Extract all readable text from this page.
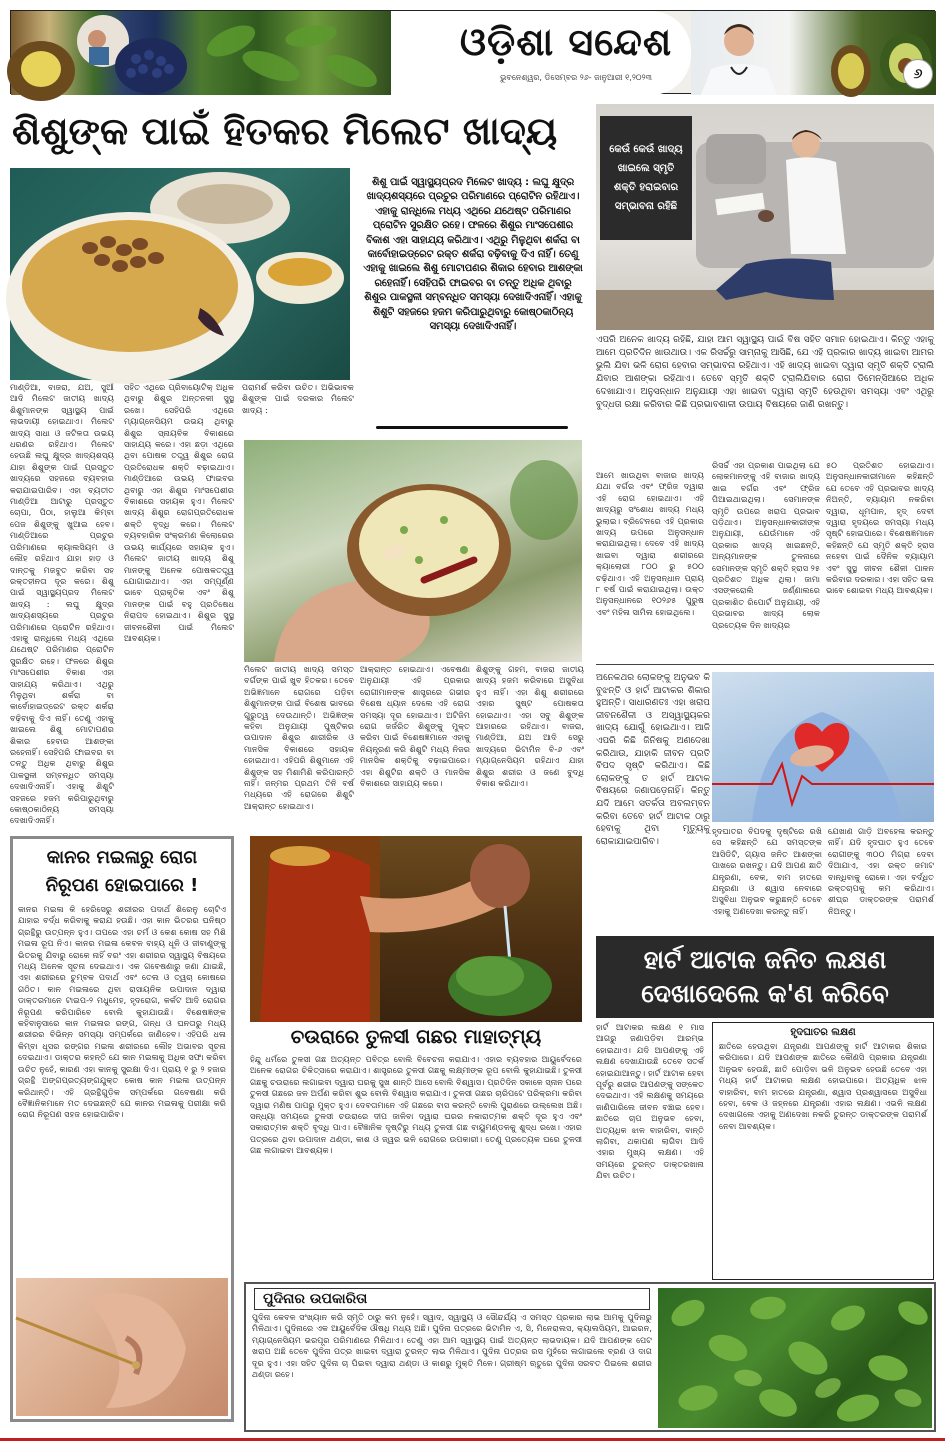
ଓଡ଼ିଶା ସନ୍ଦେଶ
ଭୁବନେଶ୍ୱର, ଡିସେମ୍ବର ୨୬- ଜାନୁଆରୀ ୧,୨୦୨୩	୬
ଶିଶୁଙ୍କ ପାଇଁ ହିତକର ମିଲେଟ ଖାଦ୍ୟ

ଶିଶୁ ପାଇଁ ସ୍ୱାସ୍ଥ୍ୟପ୍ରଦ ମିଲେଟ ଖାଦ୍ୟ : ଲଘୁ କ୍ଷୁଦ୍ର ଖାଦ୍ୟଶସ୍ୟରେ ପ୍ରଚୁର ପରିମାଣରେ ପ୍ରୋଟିନ ରହିଥାଏ। ଏହାକୁ ରାନ୍ଧିଲେ ମଧ୍ୟ ଏଥିରେ ଯଥେଷ୍ଟ ପରିମାଣର ପ୍ରୋଟିନ ସୁରକ୍ଷିତ ରହେ। ଫଳରେ ଶିଶୁର ମାଂସପେଶୀର ବିକାଶ ଏହା ସାହାଯ୍ୟ କରିଥାଏ। ଏଥିରୁ ମିଳୁଥିବା ଶର୍କରା ବା କାର୍ବୋହାଇଡ୍ରେଟ ରକ୍ତ ଶର୍କରା ବଢ଼ିବାକୁ ଦିଏ ନାହିଁ। ତେଣୁ ଏହାକୁ ଖାଇଲେ ଶିଶୁ ମୋଟାପଣର ଶିକାର ହେବାର ଆଶଙ୍କା ରହେନାହିଁ। ସେହିପରି ଫାଇବର ବା ତନ୍ତୁ ଅଧିକ ଥିବାରୁ ଶିଶୁର ପାକସ୍ଥଳୀ ସମ୍ବନ୍ଧିତ ସମସ୍ୟା ଦେଖାଦିଏନାହିଁ। ଏହାକୁ ଶିଶୁଟି ସହଜରେ ହଜମ କରିପାରୁଥିବାରୁ କୋଷ୍ଠକାଠିନ୍ୟ ସମସ୍ୟା ଦେଖାଦିଏନାହିଁ।

ମାଣ୍ଡିଆ, ବାଜରା, ଯଅ, ସୁଆଁ ଆଦି ମିଲେଟ ଜାତୀୟ ଖାଦ୍ୟ ଶିଶୁମାନଙ୍କ ସ୍ୱାସ୍ଥ୍ୟ ପାଇଁ ଲାଭଦାୟୀ ହୋଇଥାଏ। ମିଲେଟ ଖାଦ୍ୟ ସାଧା ଓ ଜଟିଳତା ଉଭୟ ଧରଣର ରହିଥାଏ। ମିଲେଟ ହେଉଛି ଲଘୁ କ୍ଷୁଦ୍ର ଖାଦ୍ୟଶସ୍ୟ ଯାହା ଶିଶୁଙ୍କ ପାଇଁ ପ୍ରସ୍ତୁତ ଖାଦ୍ୟରେ ସହଜରେ ବ୍ୟବହାର କରାଯାଇପାରିବ। ଏହା ବ୍ୟତୀତ ମାଣ୍ଡିଆ ଆଟାରୁ ପ୍ରସ୍ତୁତ ଚୋପା, ପିଠା, ହାଲୁଆ କିମ୍ବା ପେଜ ଶିଶୁଙ୍କୁ ଖୁଆଇ ହେବ। ମାଣ୍ଡିଆରେ ପ୍ରଚୁର ପରିମାଣରେ କ୍ୟାଲସିୟମ ଓ ଲୌହ ରହିଥାଏ ଯାହା ହାଡ଼ ଓ ଦାନ୍ତକୁ ମଜବୁତ କରିବା ସହ ରକ୍ତହୀନତା ଦୂର କରେ। ଶିଶୁ ପାଇଁ ସ୍ୱାସ୍ଥ୍ୟପ୍ରଦ ମିଲେଟ ଖାଦ୍ୟ : ଲଘୁ କ୍ଷୁଦ୍ର ଖାଦ୍ୟଶସ୍ୟରେ ପ୍ରଚୁର ପରିମାଣରେ ପ୍ରୋଟିନ ରହିଥାଏ। ଏହାକୁ ରାନ୍ଧିଲେ ମଧ୍ୟ ଏଥିରେ ଯଥେଷ୍ଟ ପରିମାଣର ପ୍ରୋଟିନ ସୁରକ୍ଷିତ ରହେ। ଫଳରେ ଶିଶୁର ମାଂସପେଶୀର ବିକାଶ ଏହା ସାହାଯ୍ୟ କରିଥାଏ। ଏଥିରୁ ମିଳୁଥିବା ଶର୍କରା ବା କାର୍ବୋହାଇଡ୍ରେଟ ରକ୍ତ ଶର୍କରା ବଢ଼ିବାକୁ ଦିଏ ନାହିଁ। ତେଣୁ ଏହାକୁ ଖାଇଲେ ଶିଶୁ ମୋଟାପଣର ଶିକାର ହେବାର ଆଶଙ୍କା ରହେନାହିଁ। ସେହିପରି ଫାଇବର ବା ତନ୍ତୁ ଅଧିକ ଥିବାରୁ ଶିଶୁର ପାକସ୍ଥଳୀ ସମ୍ବନ୍ଧିତ ସମସ୍ୟା ଦେଖାଦିଏନାହିଁ। ଏହାକୁ ଶିଶୁଟି ସହଜରେ ହଜମ କରିପାରୁଥିବାରୁ କୋଷ୍ଠକାଠିନ୍ୟ ସମସ୍ୟା ଦେଖାଦିଏନାହିଁ।

ସହିତ ଏଥିରେ ପ୍ରିବାୟୋଟିକ୍ ଅଧିକ ଥିବାରୁ ଶିଶୁର ଅନ୍ତନଳୀ ସୁସ୍ଥ ରଖେ। ସେହିପରି ଏଥିରେ ମ୍ୟାଗ୍ନେସିୟମ ଉଭୟ ଥିବାରୁ ଶିଶୁର ସ୍ନାୟବିକ ବିକାଶରେ ସାହାଯ୍ୟ କରେ। ଏହା ଛଡ଼ା ଏଥିରେ ଥିବା ପୋଷକ ତତ୍ତ୍ୱ ଶିଶୁର ରୋଗ ପ୍ରତିରୋଧକ ଶକ୍ତି ବଢ଼ାଇଥାଏ। ମାଣ୍ଡିଆରେ ଉଭୟ ଫାଇବର ଥିବାରୁ ଏହା ଶିଶୁର ମାଂସପେଶୀର ବିକାଶରେ ସହାୟକ ହୁଏ। ମିଲେଟ ଖାଦ୍ୟ ଶିଶୁର ରୋଗପ୍ରତିରୋଧକ ଶକ୍ତି ବୃଦ୍ଧି କରେ। ମିଲେଟ ବ୍ୟବହାରିକ ସଂକ୍ରମଣ କିଲୋରେର ଉଭୟ କାର୍ଯ୍ୟରେ ସହାୟକ ହୁଏ। ମିଲେଟ ଜାତୀୟ ଖାଦ୍ୟ ଶିଶୁ ମାନଙ୍କୁ ଅନେକ ପୋଷକତତ୍ତ୍ୱ ଯୋଗାଇଥାଏ। ଏହା ସମ୍ପୂର୍ଣ୍ଣ ଭାବେ ପ୍ରାକୃତିକ ଏବଂ ଶିଶୁ ମାନଙ୍କ ପାଇଁ ବହୁ ପ୍ରତିଷେଧ ନିରାପଦ ହୋଇଥାଏ। ଶିଶୁର ସୁସ୍ଥ ଜୀବନଶୈଳୀ ପାଇଁ ମିଲେଟ ଆବଶ୍ୟକ।

ପରାମର୍ଶ କରିବା ଉଚିତ। ଅଭିଭାବକ ଶିଶୁଙ୍କ ପାଇଁ ଦରକାର ମିଲେଟ ଖାଦ୍ୟ :

ମିଲେଟ ଜାତୀୟ ଖାଦ୍ୟ ସମସ୍ତ ବର୍ଗଙ୍କ ପାଇଁ ଖୁବ ହିତକର। ତେବେ ଅଭିଜ୍ଞମାନେ ରୋଗରେ ପଡ଼ିବା ଶିଶୁମାନଙ୍କ ପାଇଁ ବିଶେଷ ଭାବରେ ଗୁରୁତ୍ୱ ଦେଉଥାନ୍ତି। ଅଭିଜ୍ଞଙ୍କ କହିବା ଅନୁଯାୟୀ ପୁଷ୍ଟିକର ଉପାଦାନ ଶିଶୁର ଶାରୀରିକ ଓ ମାନସିକ ବିକାଶରେ ସହାୟକ ହୋଇଥାଏ। ଏହିପରି ଶିଶୁମାନେ ଏହି ଶିଶୁଙ୍କ ସହ ମିଶାମିଶି କରିପାରନ୍ତି ନାହିଁ। ଜନ୍ମର ପ୍ରଥମ ତିନି ବର୍ଷ ମଧ୍ୟରେ ଏହି ରୋଗରେ ଶିଶୁଟି ଆକ୍ରାନ୍ତ ହୋଇଥାଏ।

ଆକ୍ରାନ୍ତ ହୋଇଥାଏ। ଏବେଷଣା ଅନୁଯାୟୀ ଏହି ପ୍ରକାର ରୋଗୀମାନଙ୍କ ଶାସ୍ତ୍ରରେ ଗଭୀର ବିଶେଷ ଧ୍ୟାନ ଦେଲେ ଏହି ରୋଗ ସମସ୍ୟା ଦୂର ହୋଇଥାଏ। ଅଟିଜିମ ରୋଗ ଜର୍ଜରିତ ଶିଶୁଙ୍କୁ ମୁକ୍ତ କରିବା ପାଇଁ ବିଶେଷଜ୍ଞମାନେ ଏହାକୁ ନିୟନ୍ତ୍ରଣ କରି ଶିଶୁଟି ମଧ୍ୟ ନିଜର ମାନସିକ ଶକ୍ତିକୁ ବଢ଼ାଇପାରେ। ଏହା ଶିଶୁଟିର ଶକ୍ତି ଓ ମାନସିକ ବିକାଶରେ ସାହାଯ୍ୟ କରେ।

ଶିଶୁଙ୍କୁ ଗହମ, ବାଜରା ଜାତୀୟ ଖାଦ୍ୟ ହଜମ କରିବାରେ ଅସୁବିଧା ହୁଏ ନାହିଁ। ଏହା ଶିଶୁ ଶରୀରରେ ଏହାର ସୁଷ୍ଟ ପୋଷକତା ହୋଇଥାଏ। ଏହା ସବୁ ଶିଶୁଙ୍କ ଆହାରରେ ରହିଥାଏ। ବାଜରା, ମାଣ୍ଡିଆ, ଯଅ ଆଦି ସେରୁ ଖାଦ୍ୟରେ ଭିଟାମିନ ବି-୬ ଏବଂ ମ୍ୟାଗ୍ନେସିୟମ ରହିଥାଏ ଯାହା ଶିଶୁର ଶରୀର ଓ ଜଣେ ବୁଦ୍ଧି ବିକାଶ କରିଥାଏ।

କେଉଁ କେଉଁ ଖାଦ୍ୟ ଖାଇଲେ ସ୍ମୃତି ଶକ୍ତି ହରାଇବାର ସମ୍ଭାବନା ରହିଛି

ଏପରି ଅନେକ ଖାଦ୍ୟ ରହିଛି, ଯାହା ଆମ ସ୍ୱାସ୍ଥ୍ୟ ପାଇଁ ବିଷ ସହିତ ସମାନ ହୋଇଥାଏ। କିନ୍ତୁ ଏହାକୁ ଆମେ ପ୍ରତିଦିନ ଖାଉଥାଉ। ଏକ ରିସର୍ଚ୍ଚରୁ ସାମ୍ନାକୁ ଆସିଛି, ଯେ ଏହି ପ୍ରକାର ଖାଦ୍ୟ ଖାଇବା ଆମର ଭୁଲି ଯିବା ଭଳି ରୋଗ ହେବାର ସମ୍ଭାବନା ରହିଥାଏ। ଏହି ଖାଦ୍ୟ ଖାଇବା ଦ୍ୱାରା ସ୍ମୃତି ଶକ୍ତି ଟ୍ରାଲି ଯିବାର ଆଶଙ୍କା ରହିଥାଏ। ତେବେ ସ୍ମୃତି ଶକ୍ତି ଟ୍ରାଲିଯିବାର ରୋଗ ଡିମେନ୍ସିଆରେ ଅଧିକ ଦେଖାଯାଏ। ଅନୁସନ୍ଧାନ ଅନୁଯାୟୀ ଏହା ଖାଇବା ଦ୍ୱାରା ସ୍ମୃତି ହେଉଥିବା ସମସ୍ୟା ଏବଂ ଏଥିରୁ ବୁଦ୍ଧତା ରକ୍ଷା କରିବାର କିଛି ପ୍ରଭାବଶାଳୀ ଉପାୟ ବିଷୟରେ ଜାଣି ରଖନ୍ତୁ।

ଆମେ ଖାଉଥିବା ବାଜାର ଖାଦ୍ୟ ଯଥା ବର୍ଗର ଏବଂ ଫ୍ରିଜ ଦ୍ୱାରା ଏହି ରୋଗ ହୋଇଥାଏ। ଏହି ଖାଦ୍ୟରୁ ସଂଶୋଧ ଖାଦ୍ୟ ମଧ୍ୟ ଭୁଲାଇ। ବ୍ରିଟେନରେ ଏହି ପ୍ରକାର ଖାଦ୍ୟ ଉପରେ ଅନୁସନ୍ଧାନ କରାଯାଇଥିଲା। ଦେବେ ଏହି ଖାଦ୍ୟ ଖାଇବା ଦ୍ୱାରା ଶରୀରରେ କ୍ୟାଲୋରୀ ୮୦୦ ରୁ ୫୦୦ ଚଢ଼ିଥାଏ। ଏହି ଅନୁସନ୍ଧାନ ପ୍ରାୟ ୮ ବର୍ଷ ପାଇଁ କରାଯାଇଥିଲା। ଉକ୍ତ ଅନୁସନ୍ଧାନରେ ୧୦୨୬୫ ପୁରୁଷ ଏବଂ ମହିଳା ସାମିଲ ହୋଇଥିଲେ।

ରିସର୍ଚ୍ଚ ଏହା ପ୍ରକାଶ ପାଇଥିଲା ଯେ ଲୋକମାନଙ୍କୁ ଏହି ବାଜାର ଖାଦ୍ୟ ଖାଇ ବର୍ଗର ଏବଂ ଫ୍ରିଜ ପିଆଇଥାଇଥିଲା। ସେମାନଙ୍କ ସ୍ମୃତି ଉପରେ ଖରାପ ପ୍ରଭାବ ପଡ଼ିଥାଏ। ଅନୁସନ୍ଧାନକାରୀଙ୍କ ଅନୁଯାୟୀ, ଯେଉଁମାନେ ଏହି ପ୍ରକାର ଖାଦ୍ୟ ଖାଇଛନ୍ତି, ଅନ୍ୟମାନଙ୍କ ତୁଳନାରେ ସେମାନଙ୍କ ସ୍ମୃତି ଶକ୍ତି ହ୍ରାସ ୨୫ ପ୍ରତିଶତ ଅଧିକ ଥିଲା। ଜାମା ଏସଙ୍କରୋଲି ଜର୍ଣ୍ଣାଲରେ ପ୍ରକାଶିତ ରିପୋର୍ଟ ଅନୁଯାୟୀ, ଏହି ପ୍ରଭାବର ଖାଦ୍ୟ ଲୋକ ପ୍ରତ୍ୟେକ ଦିନ ଖାଦ୍ୟର

୫୦ ପ୍ରତିଶତ ହୋଇଥାଏ। ଅନୁସନ୍ଧାନକାରୀମାନେ କହିଛନ୍ତି ଯେ ତେବେ ଏହି ପ୍ରଭାବର ଖାଦ୍ୟ ନିଅନ୍ତି, ବ୍ୟାୟାମ ନକରିବା ଦ୍ୱାରା, ଧୂମପାନ, ହୃଦ୍ ଦେବୀ ଦ୍ୱାରା ହୃଦୟରେ ସମସ୍ୟା ମଧ୍ୟ ସୃଷ୍ଟି ହୋଇପାରେ। ବିଶେଷଜ୍ଞମାନେ କହିଛନ୍ତି ଯେ ସ୍ମୃତି ଶକ୍ତି ହ୍ରାସ ନହେବା ପାଇଁ ଦୈନିକ ବ୍ୟାୟାମ ଏବଂ ସୁସ୍ଥ ଜୀବନ ଶୈଳୀ ପାଳନ କରିବାର ଦରକାର। ଏହା ସହିତ ଭଲ ଭାବେ ଶୋଇବା ମଧ୍ୟ ଆବଶ୍ୟକ।

ଅନେକଥର ଲୋକଙ୍କୁ ଅନୁଭବ କି ବୁଝନ୍ତି ଓ ହାର୍ଟ ଆଟାକର ଶିକାର ହୁଅନ୍ତି। ସାଧାରଣତଃ ଏହା ଖରାପ ଜୀବନଶୈଳୀ ଓ ଅସ୍ୱାସ୍ଥ୍ୟକର ଖାଦ୍ୟ ଯୋଗୁଁ ହୋଇଥାଏ। ଆଜି ଏପରି କିଛି ଜିନିଷକୁ ଅଣଦେଖା କରିଥାଉ, ଯାହାକି ଜୀବନ ପ୍ରତି ବିପଦ ସୃଷ୍ଟି କରିଥାଏ। କିଛି ଲୋକଙ୍କୁ ତ ହାର୍ଟ ଆଟାକ ବିଷୟରେ ଜଣାପଡ଼େନାହିଁ। କିନ୍ତୁ ଯଦି ଆମେ ସତର୍କତା ଅବଲମ୍ବନ କରିବା ତେବେ ହାର୍ଟ ଆଟାକ ଠାରୁ ହେବାକୁ ଥିବା ମୃତ୍ୟୁକୁ ରୋକାଯାଇପାରିବ।

ହୃଦଘାତର ବିପଦକୁ ଦୃଷ୍ଟିରେ ରଖି ସେ କହିଛନ୍ତି ଯେ ସମସ୍ତଙ୍କ ଆସିଡିଟି, ଗ୍ୟାସ ଜନିତ ଆଶଙ୍କା ପାଖରେ ରଖନ୍ତୁ। ଯଦି ଆପଣ ଛାତି ଯନ୍ତ୍ରଣା, ବେକ, ବାମ ହାତରେ ଯନ୍ତ୍ରଣା ଓ ଶ୍ୱାସ ନେବାରେ ଅସୁବିଧା ଅନୁଭବ କରୁଛନ୍ତି ତେବେ ଏହାକୁ ଅଣଦେଖା କରନ୍ତୁ ନାହିଁ।

ଯେଖାଣ ଗାଡ଼ି ଅବହେଳା କରନ୍ତୁ ନାହିଁ। ଯଦି ହୃଦଘାତ ହୁଏ ତେବେ ରୋଗୀଙ୍କୁ ୩୦୦ ମିଗ୍ରା ଦେବା ଦିଆଯାଏ, ଏହା ରକ୍ତ ଜମାଟ ବାନ୍ଧିବାକୁ ରୋକେ। ଏହା ବର୍ଦ୍ଧିତ ରକ୍ତଚାପକୁ କମ କରିଥାଏ। ଶୀଘ୍ର ଡାକ୍ତରଙ୍କ ପରାମର୍ଶ ନିଅନ୍ତୁ।

ହାର୍ଟ ଆଟାକ ଜନିତ ଲକ୍ଷଣ ଦେଖାଦେଲେ କ'ଣ କରିବେ

ହାର୍ଟ ଆଟାକର ଲକ୍ଷଣ ୧ ମାସ ଆଗରୁ ଜଣାପଡ଼ିବା ଆରମ୍ଭ ହୋଇଥାଏ। ଯଦି ଆପଣଙ୍କୁ ଏହି ଲକ୍ଷଣ ଦେଖାଯାଉଛି ତେବେ ସତର୍କ ହୋଇଯାଆନ୍ତୁ। ହାର୍ଟ ଆଟାକ ହେବା ପୂର୍ବରୁ ଶରୀର ଆପଣଙ୍କୁ ସଙ୍କେତ ଦେଇଥାଏ। ଏହି ଲକ୍ଷଣକୁ ସମୟରେ ଜାଣିପାରିଲେ ଜୀବନ ବଞ୍ଚାଇ ହେବ। ଛାତିରେ ଚାପ ଅନୁଭବ ହେବା, ଅତ୍ୟଧିକ ଝାଳ ବାହାରିବା, ବାନ୍ତି ଲାଗିବା, ଥକାପଣ ଲାଗିବା ଆଦି ଏହାର ମୁଖ୍ୟ ଲକ୍ଷଣ। ଏହି ସମୟରେ ତୁରନ୍ତ ଡାକ୍ତରଖାନା ଯିବା ଉଚିତ।

ହୃଦଘାତର ଲକ୍ଷଣ

ଛାତିରେ ହେଉଥିବା ଯନ୍ତ୍ରଣା ଆପଣଙ୍କୁ ହାର୍ଟ ଆଟାକର ଶିକାର କରିପାରେ। ଯଦି ଆପଣଙ୍କ ଛାତିରେ କୌଣସି ପ୍ରକାର ଯନ୍ତ୍ରଣା ଅନୁଭବ ହେଉଛି, ଛାତି ପୋଡ଼ିବା ଭଳି ଅନୁଭବ ହେଉଛି ତେବେ ଏହା ମଧ୍ୟ ହାର୍ଟ ଆଟାକର ଲକ୍ଷଣ ହୋଇପାରେ। ଅତ୍ୟଧିକ ଝାଳ ବାହାରିବା, ବାମ ହାତରେ ଯନ୍ତ୍ରଣା, ଶ୍ୱାସ ପ୍ରଶ୍ୱାସରେ ଅସୁବିଧା ହେବା, ବେକ ଓ ଜହ୍ନରେ ଯନ୍ତ୍ରଣା ଏହାର ଲକ୍ଷଣ। ଏଭଳି ଲକ୍ଷଣ ଦେଖାଗଲେ ଏହାକୁ ଅଣଦେଖା ନକରି ତୁରନ୍ତ ଡାକ୍ତରଙ୍କ ପରାମର୍ଶ ନେବା ଆବଶ୍ୟକ।

କାନର ମଇଳାରୁ ରୋଗ ନିରୂପଣ ହୋଇପାରେ !

କାନର ମଇଳା କି ହେରିସେରୁ ଶରୀରର ପଦାର୍ଥ ଶିରେନୁ ଚୋଟିଏ ଯାହାର ବର୍ଦ୍ଧ କରିବାକୁ କରାଯ ହଉଛି। ଏହା କାନ ଭିତରର ଘନିଷ୍ଠ ଗ୍ରନ୍ଥିରୁ ଉତ୍ପନ୍ନ ହୁଏ। ତାପରେ ଏହା ଚର୍ମ ଓ କେଶ କୋଷ ସହ ମିଶି ମଇଳା ରୂପ ନିଏ। କାନର ମଇଳା କେବଳ ବାହ୍ୟ ଧୂଳି ଓ ଜୀବାଣୁଙ୍କୁ ଭିତରକୁ ଯିବାରୁ ରୋକେ ନାହିଁ ବରଂ ଏହା ଶରୀରର ସ୍ୱାସ୍ଥ୍ୟ ବିଷୟରେ ମଧ୍ୟ ଅନେକ ସୂଚନା ଦେଇଥାଏ। ଏକ ଗବେଷଣାରୁ ଜଣା ଯାଇଛି, ଏହା ଶରୀରରେ ଚୁମ୍ବକ ପଦାର୍ଥ ଏବଂ ତେଲ ଓ ତ୍ୱଚା କୋଷରେ ଗଠିତ। କାନ ମଇଳାରେ ଥିବା ରାସାୟନିକ ଉପାଦାନ ଦ୍ୱାରା ଡାକ୍ତରମାନେ ଟାଇପ-୨ ମଧୁମେହ, ହୃଦରୋଗ, କର୍କଟ ଆଦି ରୋଗର ନିରୂପଣ କରିପାରିବେ ବୋଲି କୁହାଯାଉଛି। ବିଶେଷଜ୍ଞଙ୍କ କହିବାନୁସାରେ କାନ ମଇଳାର ରଙ୍ଗ, ଗନ୍ଧ ଓ ଘନତାରୁ ମଧ୍ୟ ଶରୀରର ବିଭିନ୍ନ ସମସ୍ୟା ସମ୍ପର୍କରେ ଜାଣିହେବ। ଏହିପରି ଧଳା କିମ୍ବା ଧୂସର ରଙ୍ଗର ମଇଳା ଶରୀରରେ ଲୌହ ଅଭାବର ସୂଚନା ଦେଇଥାଏ। ଡାକ୍ତର କହନ୍ତି ଯେ କାନ ମଇଳାକୁ ଅଧିକ ସଫା କରିବା ଉଚିତ ନୁହେଁ, କାରଣ ଏହା କାନକୁ ସୁରକ୍ଷା ଦିଏ। ପ୍ରାୟ ୧ ରୁ ୨ ହଜାର ଗ୍ରନ୍ଥି ଅଙ୍ଗପ୍ରତ୍ୟଙ୍ଗଯୁକ୍ତ କୋଷ କାନ ମଇଳା ଉତ୍ପନ୍ନ କରିଥାନ୍ତି। ଏହି ଗ୍ରନ୍ଥିଗୁଡ଼ିକ ସମ୍ପର୍କରେ ଗବେଷଣା କରି ବୈଜ୍ଞାନିକମାନେ ମତ ଦେଇଛନ୍ତି ଯେ କାନର ମଇଳାକୁ ପରୀକ୍ଷା କରି ରୋଗ ନିରୂପଣ ସହଜ ହୋଇପାରିବ।

ଚଉରାରେ ତୁଳସୀ ଗଛର ମାହାତ୍ମ୍ୟ

ହିନ୍ଦୁ ଧର୍ମରେ ତୁଳସୀ ଗଛ ଅତ୍ୟନ୍ତ ପବିତ୍ର ବୋଲି ବିବେଚନା କରାଯାଏ। ଏହାର ବ୍ୟବହାର ଆୟୁର୍ବେଦରେ ଅନେକ ରୋଗର ଚିକିତ୍ସାରେ କରାଯାଏ। ଶାସ୍ତ୍ରରେ ତୁଳସୀ ଗଛକୁ ଲକ୍ଷ୍ମୀଙ୍କ ରୂପ ବୋଲି କୁହାଯାଇଛି। ତୁଳସୀ ଗଛକୁ ଚଉରାରେ ଲଗାଇବା ଦ୍ୱାରା ଘରକୁ ସୁଖ ଶାନ୍ତି ଆସେ ବୋଲି ବିଶ୍ୱାସ। ପ୍ରତିଦିନ ସକାଳେ ସ୍ନାନ ପରେ ତୁଳସୀ ଗଛରେ ଜଳ ଅର୍ପଣ କରିବା ଶୁଭ ବୋଲି ବିଶ୍ୱାସ କରାଯାଏ। ତୁଳସୀ ଗଛର ଚାରିପଟେ ପରିକ୍ରମା କରିବା ଦ୍ୱାରା ମଣିଷ ପାପରୁ ମୁକ୍ତ ହୁଏ। ଦେବତାମାନେ ଏହି ଗଛରେ ବାସ କରନ୍ତି ବୋଲି ପୁରାଣରେ ଉଲ୍ଲେଖ ଅଛି। ସନ୍ଧ୍ୟା ସମୟରେ ତୁଳସୀ ଚଉରାରେ ଦୀପ ଜାଳିବା ଦ୍ୱାରା ଘରର ନକାରାତ୍ମକ ଶକ୍ତି ଦୂର ହୁଏ ଏବଂ ସକାରାତ୍ମକ ଶକ୍ତି ବୃଦ୍ଧି ପାଏ। ବୈଜ୍ଞାନିକ ଦୃଷ୍ଟିରୁ ମଧ୍ୟ ତୁଳସୀ ଗଛ ବାୟୁମଣ୍ଡଳକୁ ଶୁଦ୍ଧ ରଖେ। ଏହାର ପତ୍ରରେ ଥିବା ଉପାଦାନ ଥଣ୍ଡା, କାଶ ଓ ଜ୍ୱର ଭଳି ରୋଗରେ ଉପକାରୀ। ତେଣୁ ପ୍ରତ୍ୟେକ ଘରେ ତୁଳସୀ ଗଛ ଲଗାଇବା ଆବଶ୍ୟକ।

ପୁଦିନାର ଉପକାରିତା

ପୁଦିନା କେବଳ ସଂଖ୍ୟାନ କରି ସ୍ମୃତି ଠାରୁ କମ ନୁହେଁ। ସ୍ୱାଦ, ସ୍ୱାସ୍ଥ୍ୟ ଓ ସୌନ୍ଦର୍ଯ୍ୟ ଏ ସମସ୍ତ ପ୍ରକାର ଲାଭ ଆମକୁ ପୁଦିନାରୁ ମିଳିଥାଏ। ପୁଦିନାରେ ଏକ ଆୟୁର୍ବେଦିକ ଔଷଧି ମଧ୍ୟ ଅଛି। ପୁଦିନା ପତ୍ରରେ ଭିଟାମିନ ଏ, ସି, ମିନେରାଲସ, କ୍ୟାଲସିୟମ, ଆଇରନ, ମ୍ୟାଗ୍ନେସିୟମ ଭରପୂର ପରିମାଣରେ ମିଳିଥାଏ। ତେଣୁ ଏହା ଆମ ସ୍ୱାସ୍ଥ୍ୟ ପାଇଁ ଅତ୍ୟନ୍ତ ଲାଭଦାୟକ। ଯଦି ଆପଣଙ୍କ ପେଟ ଖରାପ ଅଛି ତେବେ ପୁଦିନା ପତ୍ର ଖାଇବା ଦ୍ୱାରା ତୁରନ୍ତ ଲାଭ ମିଳିଥାଏ। ପୁଦିନା ପତ୍ରର ରସ ମୁହଁରେ ଲଗାଇଲେ ବ୍ରଣ ଓ ଦାଗ ଦୂର ହୁଏ। ଏହା ସହିତ ପୁଦିନା ଚା ପିଇବା ଦ୍ୱାରା ଥଣ୍ଡା ଓ କାଶରୁ ମୁକ୍ତି ମିଳେ। ଗ୍ରୀଷ୍ମ ଋତୁରେ ପୁଦିନା ସରବତ ପିଇଲେ ଶରୀର ଥଣ୍ଡା ରହେ।
